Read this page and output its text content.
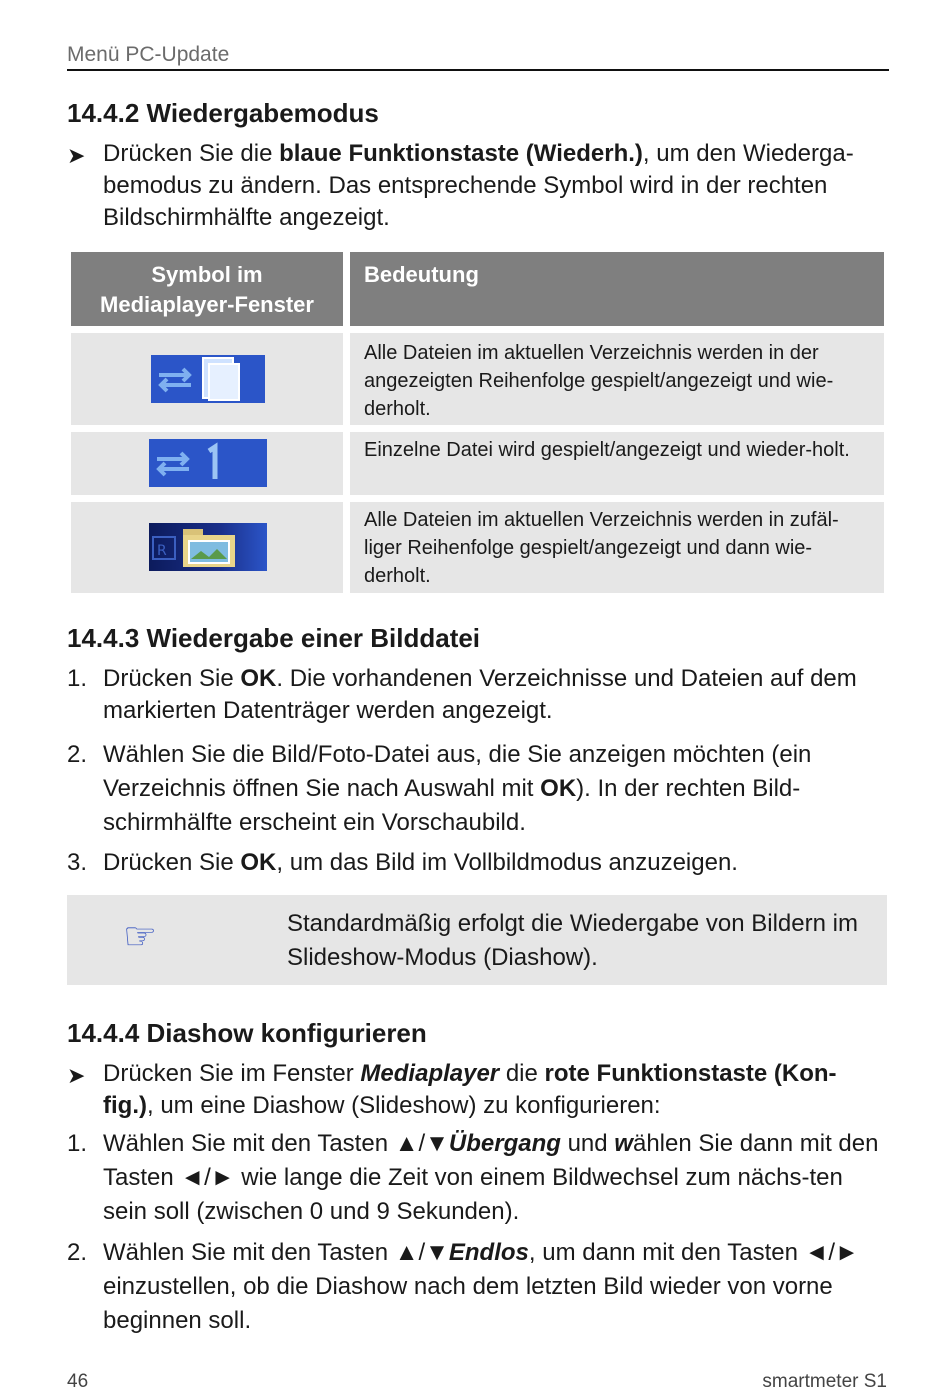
Menü PC-Update
14.4.2 Wiedergabemodus
➤ Drücken Sie die blaue Funktionstaste (Wiederh.), um den Wiederga-
bemodus zu ändern. Das entsprechende Symbol wird in der rechten
Bildschirmhälfte angezeigt.
Symbol im Mediaplayer-Fenster
Bedeutung
Alle Dateien im aktuellen Verzeichnis werden in der angezeigten Reihenfolge gespielt/angezeigt und wie-derholt.
Einzelne Datei wird gespielt/angezeigt und wieder-holt.
R
Alle Dateien im aktuellen Verzeichnis werden in zufäl-liger Reihenfolge gespielt/angezeigt und dann wie-derholt.
14.4.3 Wiedergabe einer Bilddatei
1. Drücken Sie OK. Die vorhandenen Verzeichnisse und Dateien auf dem markierten Datenträger werden angezeigt.
2. Wählen Sie die Bild/Foto-Datei aus, die Sie anzeigen möchten (ein Verzeichnis öffnen Sie nach Auswahl mit OK). In der rechten Bild-schirmhälfte erscheint ein Vorschaubild.
3. Drücken Sie OK, um das Bild im Vollbildmodus anzuzeigen.
☞	Standardmäßig erfolgt die Wiedergabe von Bildern im Slideshow-Modus (Diashow).
14.4.4 Diashow konfigurieren
➤ Drücken Sie im Fenster Mediaplayer die rote Funktionstaste (Kon-fig.), um eine Diashow (Slideshow) zu konfigurieren:
1. Wählen Sie mit den Tasten ▲/▼Übergang und wählen Sie dann mit den Tasten ◄/► wie lange die Zeit von einem Bildwechsel zum nächs-ten sein soll (zwischen 0 und 9 Sekunden).
2. Wählen Sie mit den Tasten ▲/▼Endlos, um dann mit den Tasten ◄/► einzustellen, ob die Diashow nach dem letzten Bild wieder von vorne beginnen soll.
46	smartmeter S1
